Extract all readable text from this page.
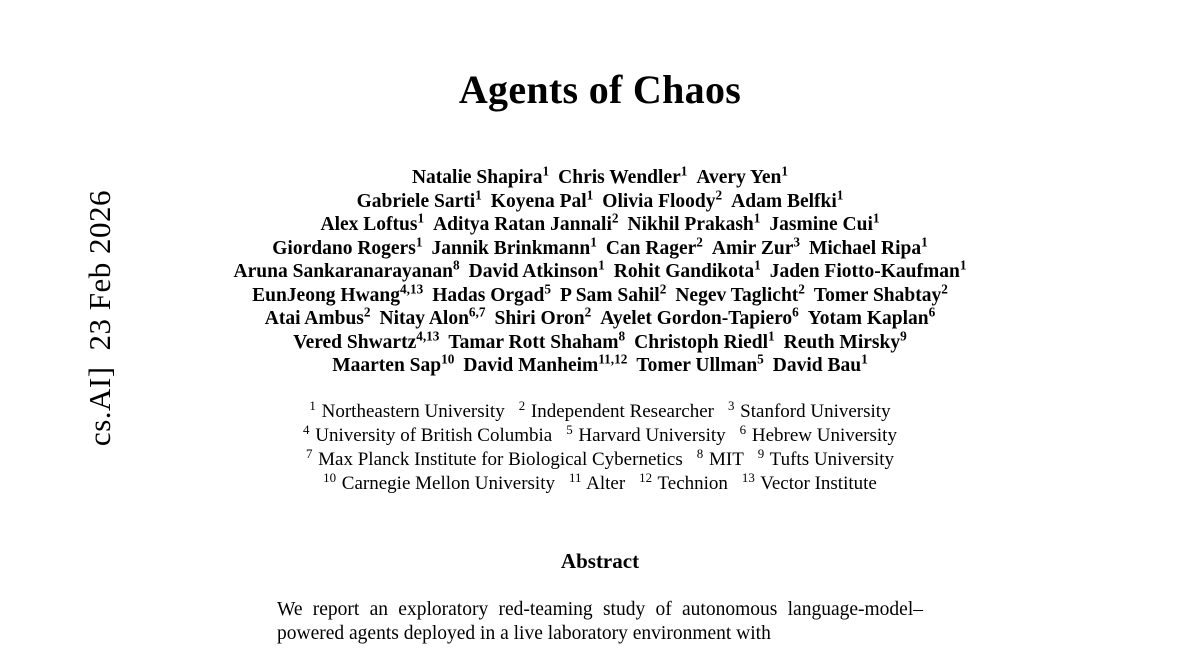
cs.AI]23 Feb 2026
Agents of Chaos
Natalie Shapira$^1$ Chris Wendler$^1$ Avery Yen$^1$
Gabriele Sarti$^1$ Koyena Pal$^1$ Olivia Floody$^2$ Adam Belfki$^1$
Alex Loftus$^1$ Aditya Ratan Jannali$^2$ Nikhil Prakash$^1$ Jasmine Cui$^1$
Giordano Rogers$^1$ Jannik Brinkmann$^1$ Can Rager$^2$ Amir Zur$^3$ Michael Ripa$^1$
Aruna Sankaranarayanan$^8$ David Atkinson$^1$ Rohit Gandikota$^1$ Jaden Fiotto-Kaufman$^1$
EunJeong Hwang$^{4,13}$ Hadas Orgad$^5$ P Sam Sahil$^2$ Negev Taglicht$^2$ Tomer Shabtay$^2$
Atai Ambus$^2$ Nitay Alon$^{6,7}$ Shiri Oron$^2$ Ayelet Gordon-Tapiero$^6$ Yotam Kaplan$^6$
Vered Shwartz$^{4,13}$ Tamar Rott Shaham$^8$ Christoph Riedl$^1$ Reuth Mirsky$^9$
Maarten Sap$^{10}$ David Manheim$^{11,12}$ Tomer Ullman$^5$ David Bau$^1$
$^1$ Northeastern University $^2$ Independent Researcher $^3$ Stanford University
$^4$ University of British Columbia $^5$ Harvard University $^6$ Hebrew University
$^7$ Max Planck Institute for Biological Cybernetics $^8$ MIT $^9$ Tufts University
$^{10}$ Carnegie Mellon University $^{11}$ Alter $^{12}$ Technion $^{13}$ Vector Institute
Abstract

We report an exploratory red-teaming study of autonomous language-model–powered agents deployed in a live laboratory environment with
